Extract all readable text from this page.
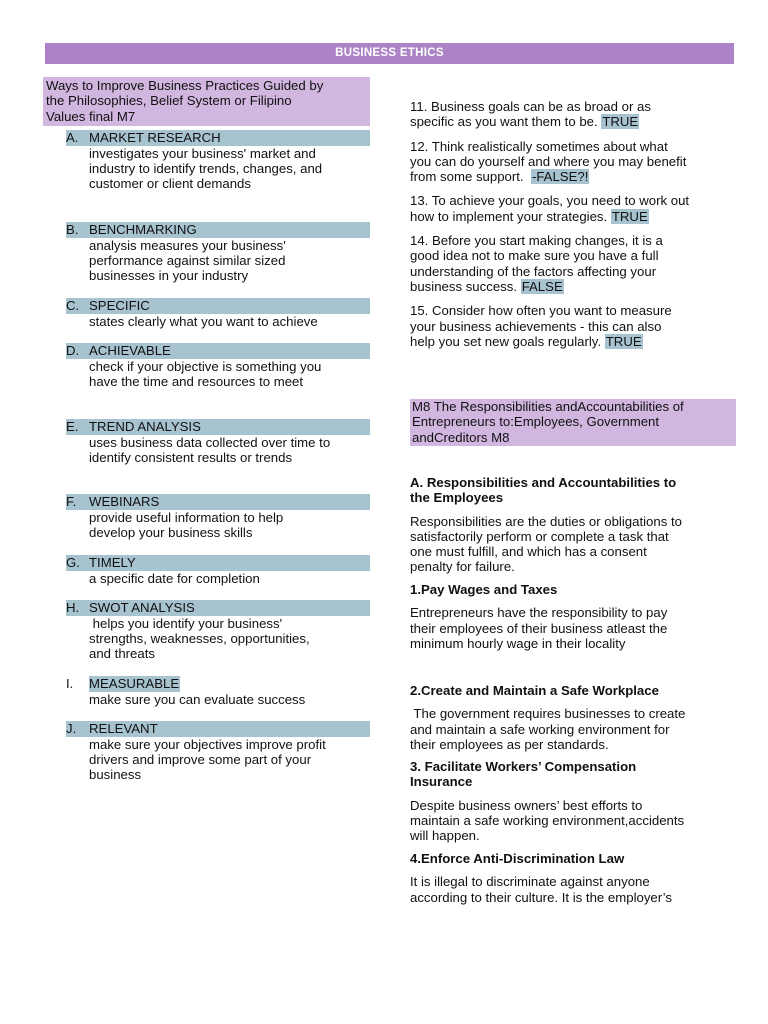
BUSINESS ETHICS
Ways to Improve Business Practices Guided by
the Philosophies, Belief System or Filipino
Values final M7
A. MARKET RESEARCH
investigates your business' market and
industry to identify trends, changes, and
customer or client demands
B. BENCHMARKING
analysis measures your business'
performance against similar sized
businesses in your industry
C. SPECIFIC
states clearly what you want to achieve
D. ACHIEVABLE
check if your objective is something you
have the time and resources to meet
E. TREND ANALYSIS
uses business data collected over time to
identify consistent results or trends
F. WEBINARS
provide useful information to help
develop your business skills
G. TIMELY
a specific date for completion
H. SWOT ANALYSIS
helps you identify your business'
strengths, weaknesses, opportunities,
and threats
I.	MEASURABLE
make sure you can evaluate success
J. RELEVANT
make sure your objectives improve profit
drivers and improve some part of your
business
11. Business goals can be as broad or as
specific as you want them to be. TRUE
12. Think realistically sometimes about what
you can do yourself and where you may benefit
from some support.  -FALSE?!
13. To achieve your goals, you need to work out
how to implement your strategies. TRUE
14. Before you start making changes, it is a
good idea not to make sure you have a full
understanding of the factors affecting your
business success. FALSE
15. Consider how often you want to measure
your business achievements - this can also
help you set new goals regularly. TRUE
M8 The Responsibilities andAccountabilities of
Entrepreneurs to:Employees, Government
andCreditors M8
A. Responsibilities and Accountabilities to
the Employees
Responsibilities are the duties or obligations to
satisfactorily perform or complete a task that
one must fulfill, and which has a consent
penalty for failure.
1.Pay Wages and Taxes
Entrepreneurs have the responsibility to pay
their employees of their business atleast the
minimum hourly wage in their locality
2.Create and Maintain a Safe Workplace
The government requires businesses to create
and maintain a safe working environment for
their employees as per standards.
3. Facilitate Workers’ Compensation
Insurance
Despite business owners’ best efforts to
maintain a safe working environment,accidents
will happen.
4.Enforce Anti-Discrimination Law
It is illegal to discriminate against anyone
according to their culture. It is the employer’s
